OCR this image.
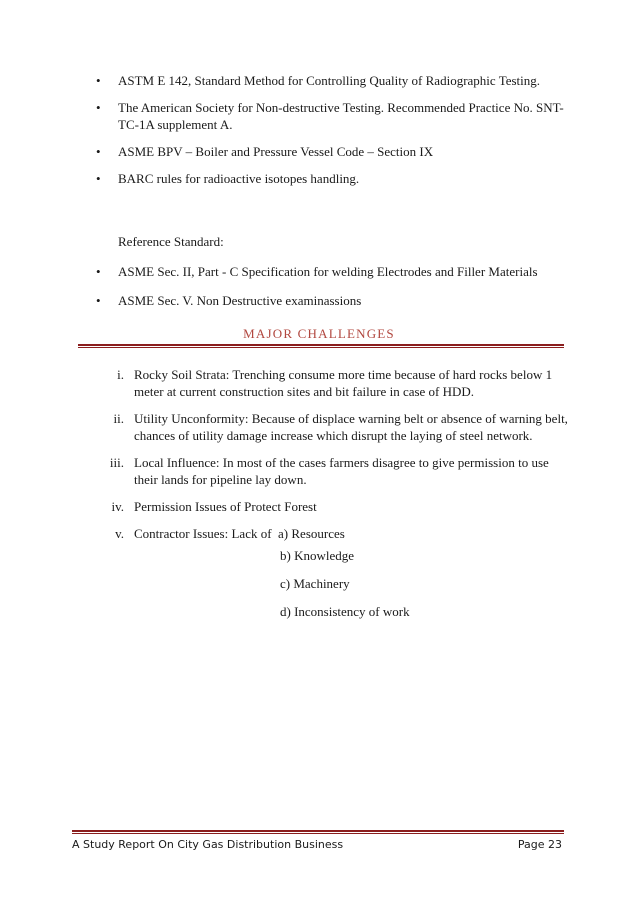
• ASTM E 142, Standard Method for Controlling Quality of Radiographic Testing.
• The American Society for Non-destructive Testing. Recommended Practice No. SNT-TC-1A supplement A.
• ASME BPV – Boiler and Pressure Vessel Code – Section IX
• BARC rules for radioactive isotopes handling.
Reference Standard:
• ASME Sec. II, Part - C Specification for welding Electrodes and Filler Materials
• ASME Sec. V. Non Destructive examinassions
MAJOR CHALLENGES
i. Rocky Soil Strata: Trenching consume more time because of hard rocks below 1 meter at current construction sites and bit failure in case of HDD.
ii. Utility Unconformity: Because of displace warning belt or absence of warning belt, chances of utility damage increase which disrupt the laying of steel network.
iii. Local Influence: In most of the cases farmers disagree to give permission to use their lands for pipeline lay down.
iv. Permission Issues of Protect Forest
v. Contractor Issues: Lack of  a) Resources
b) Knowledge
c) Machinery
d) Inconsistency of work
A Study Report On City Gas Distribution Business	Page 23
